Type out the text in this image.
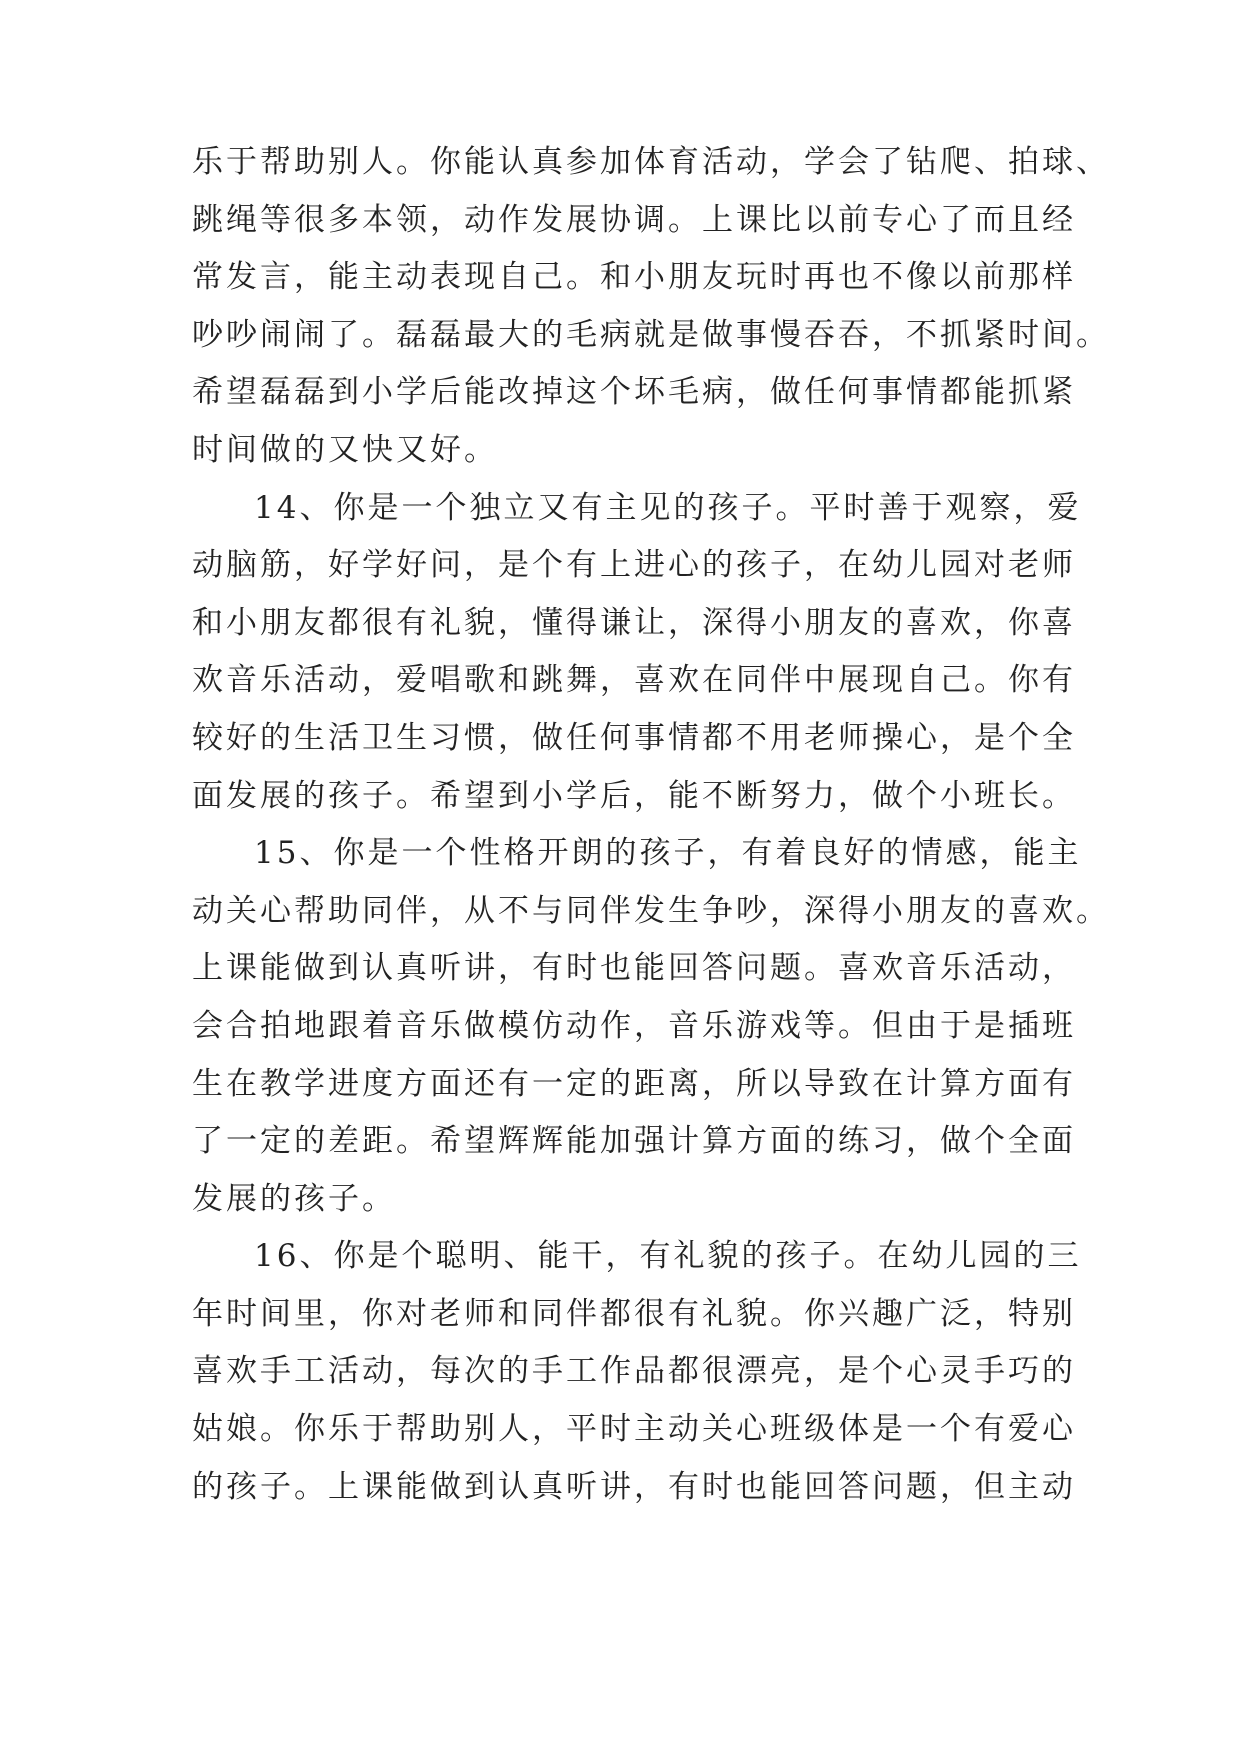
乐于帮助别人。你能认真参加体育活动，学会了钻爬、拍球、
跳绳等很多本领，动作发展协调。上课比以前专心了而且经
常发言，能主动表现自己。和小朋友玩时再也不像以前那样
吵吵闹闹了。磊磊最大的毛病就是做事慢吞吞，不抓紧时间。
希望磊磊到小学后能改掉这个坏毛病，做任何事情都能抓紧
时间做的又快又好。
14、你是一个独立又有主见的孩子。平时善于观察，爱
动脑筋，好学好问，是个有上进心的孩子，在幼儿园对老师
和小朋友都很有礼貌，懂得谦让，深得小朋友的喜欢，你喜
欢音乐活动，爱唱歌和跳舞，喜欢在同伴中展现自己。你有
较好的生活卫生习惯，做任何事情都不用老师操心，是个全
面发展的孩子。希望到小学后，能不断努力，做个小班长。
15、你是一个性格开朗的孩子，有着良好的情感，能主
动关心帮助同伴，从不与同伴发生争吵，深得小朋友的喜欢。
上课能做到认真听讲，有时也能回答问题。喜欢音乐活动，
会合拍地跟着音乐做模仿动作，音乐游戏等。但由于是插班
生在教学进度方面还有一定的距离，所以导致在计算方面有
了一定的差距。希望辉辉能加强计算方面的练习，做个全面
发展的孩子。
16、你是个聪明、能干，有礼貌的孩子。在幼儿园的三
年时间里，你对老师和同伴都很有礼貌。你兴趣广泛，特别
喜欢手工活动，每次的手工作品都很漂亮，是个心灵手巧的
姑娘。你乐于帮助别人，平时主动关心班级体是一个有爱心
的孩子。上课能做到认真听讲，有时也能回答问题，但主动
